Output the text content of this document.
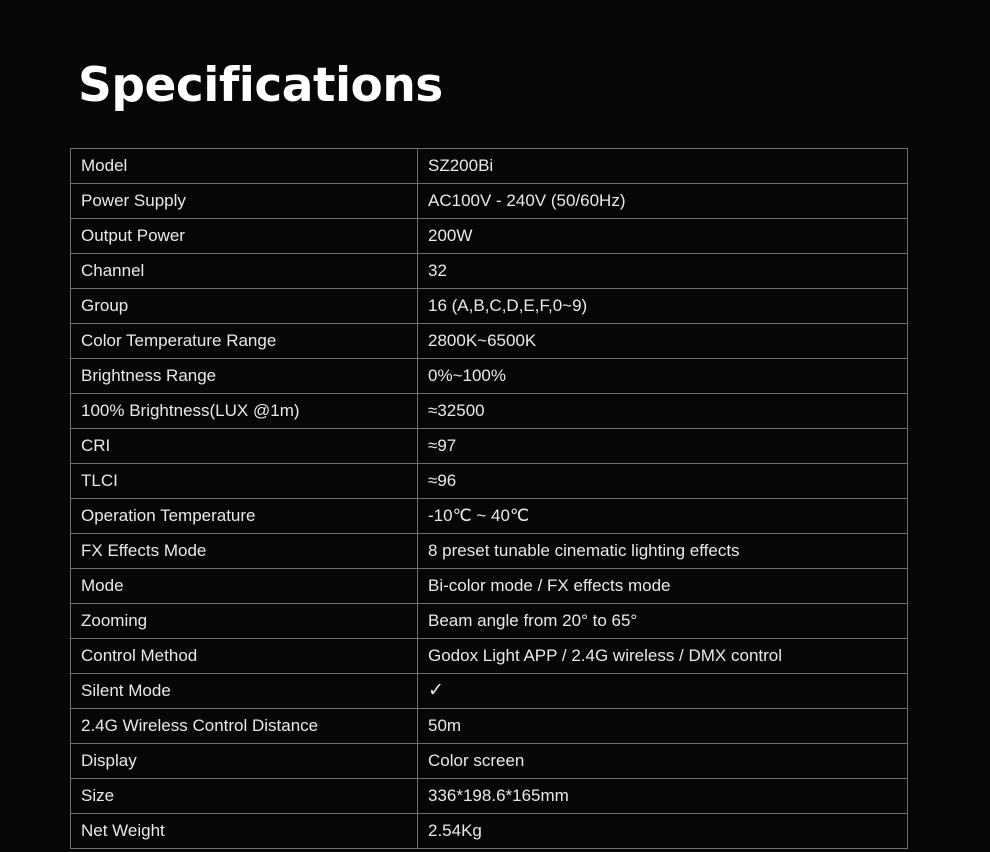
Specifications
Model	SZ200Bi
Power Supply	AC100V - 240V (50/60Hz)
Output Power	200W
Channel	32
Group	16 (A,B,C,D,E,F,0~9)
Color Temperature Range	2800K~6500K
Brightness Range	0%~100%
100% Brightness(LUX @1m)	≈32500
CRI	≈97
TLCI	≈96
Operation Temperature	-10℃ ~ 40℃
FX Effects Mode	8 preset tunable cinematic lighting effects
Mode	Bi-color mode / FX effects mode
Zooming	Beam angle from 20° to 65°
Control Method	Godox Light APP / 2.4G wireless / DMX control
Silent Mode	✓
2.4G Wireless Control Distance	50m
Display	Color screen
Size	336*198.6*165mm
Net Weight	2.54Kg
